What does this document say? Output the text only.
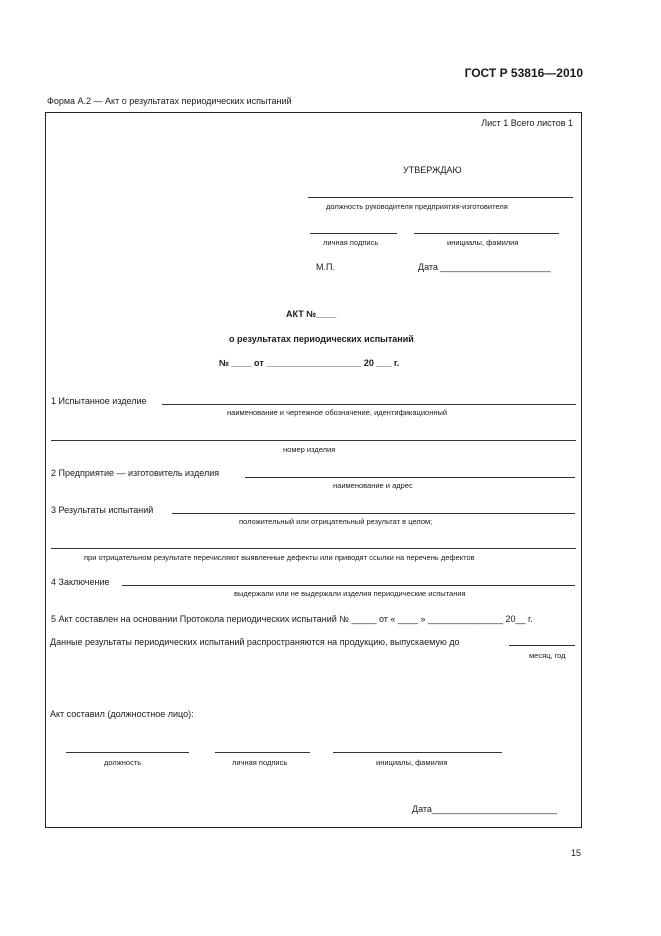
ГОСТ Р 53816—2010
Форма А.2 — Акт о результатах периодических испытаний
Лист 1 Всего листов 1
УТВЕРЖДАЮ
должность руководителя предприятия-изготовителя
личная подпись	инициалы, фамилия
М.П.	Дата ______________________
АКТ №____
о результатах периодических испытаний
№ ____ от ___________________ 20 ___ г.
1 Испытанное изделие
наименование и чертежное обозначение, идентификационный
номер изделия
2 Предприятие — изготовитель изделия
наименование и адрес
3 Результаты испытаний
положительный или отрицательный результат в целом;
при отрицательном результате перечисляют выявленные дефекты или приводят ссылки на перечень дефектов
4 Заключение
выдержали или не выдержали изделия периодические испытания
5 Акт составлен на основании Протокола периодических испытаний № _____ от « ____ » _______________ 20__ г.
Данные результаты периодических испытаний распространяются на продукцию, выпускаемую до
месяц, год
Акт составил (должностное лицо):
должность	личная подпись	инициалы, фамилия
Дата_________________________
15
